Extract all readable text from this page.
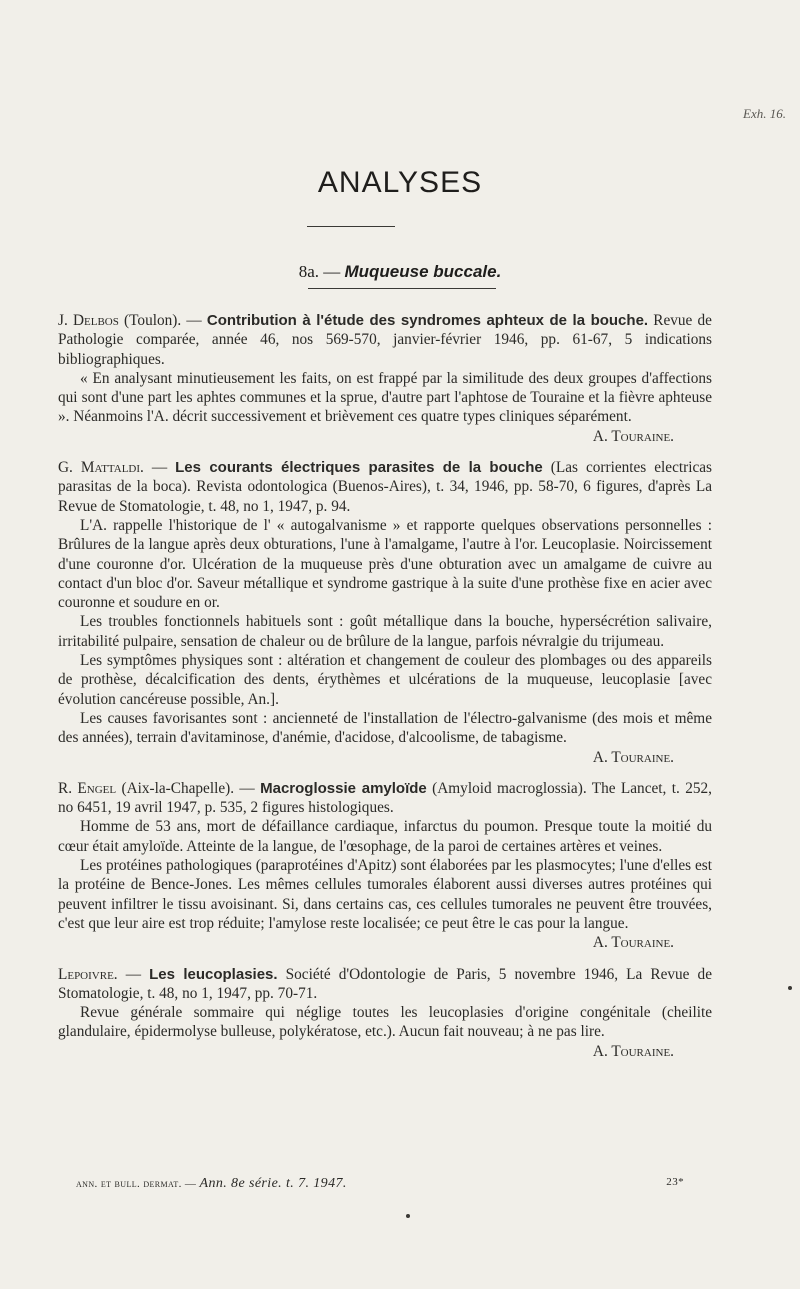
Exh. 16.
ANALYSES
8a. — Muqueuse buccale.

J. Delbos (Toulon). — Contribution à l'étude des syndromes aphteux de la bouche. Revue de Pathologie comparée, année 46, nos 569-570, janvier-février 1946, pp. 61-67, 5 indications bibliographiques.

« En analysant minutieusement les faits, on est frappé par la similitude des deux groupes d'affections qui sont d'une part les aphtes communes et la sprue, d'autre part l'aphtose de Touraine et la fièvre aphteuse ». Néanmoins l'A. décrit successivement et brièvement ces quatre types cliniques séparément.

A. Touraine.

G. Mattaldi. — Les courants électriques parasites de la bouche (Las corrientes electricas parasitas de la boca). Revista odontologica (Buenos-Aires), t. 34, 1946, pp. 58-70, 6 figures, d'après La Revue de Stomatologie, t. 48, no 1, 1947, p. 94.

L'A. rappelle l'historique de l' « autogalvanisme » et rapporte quelques observations personnelles : Brûlures de la langue après deux obturations, l'une à l'amalgame, l'autre à l'or. Leucoplasie. Noircissement d'une couronne d'or. Ulcération de la muqueuse près d'une obturation avec un amalgame de cuivre au contact d'un bloc d'or. Saveur métallique et syndrome gastrique à la suite d'une prothèse fixe en acier avec couronne et soudure en or.

Les troubles fonctionnels habituels sont : goût métallique dans la bouche, hypersécrétion salivaire, irritabilité pulpaire, sensation de chaleur ou de brûlure de la langue, parfois névralgie du trijumeau.

Les symptômes physiques sont : altération et changement de couleur des plombages ou des appareils de prothèse, décalcification des dents, érythèmes et ulcérations de la muqueuse, leucoplasie [avec évolution cancéreuse possible, An.].

Les causes favorisantes sont : ancienneté de l'installation de l'électro-galvanisme (des mois et même des années), terrain d'avitaminose, d'anémie, d'acidose, d'alcoolisme, de tabagisme.

A. Touraine.

R. Engel (Aix-la-Chapelle). — Macroglossie amyloïde (Amyloid macroglossia). The Lancet, t. 252, no 6451, 19 avril 1947, p. 535, 2 figures histologiques.

Homme de 53 ans, mort de défaillance cardiaque, infarctus du poumon. Presque toute la moitié du cœur était amyloïde. Atteinte de la langue, de l'œsophage, de la paroi de certaines artères et veines.

Les protéines pathologiques (paraprotéines d'Apitz) sont élaborées par les plasmocytes; l'une d'elles est la protéine de Bence-Jones. Les mêmes cellules tumorales élaborent aussi diverses autres protéines qui peuvent infiltrer le tissu avoisinant. Si, dans certains cas, ces cellules tumorales ne peuvent être trouvées, c'est que leur aire est trop réduite; l'amylose reste localisée; ce peut être le cas pour la langue.

A. Touraine.

Lepoivre. — Les leucoplasies. Société d'Odontologie de Paris, 5 novembre 1946, La Revue de Stomatologie, t. 48, no 1, 1947, pp. 70-71.

Revue générale sommaire qui néglige toutes les leucoplasies d'origine congénitale (cheilite glandulaire, épidermolyse bulleuse, polykératose, etc.). Aucun fait nouveau; à ne pas lire.

A. Touraine.

ann. et bull. dermat. — Ann. 8e série. t. 7. 1947.	23*
